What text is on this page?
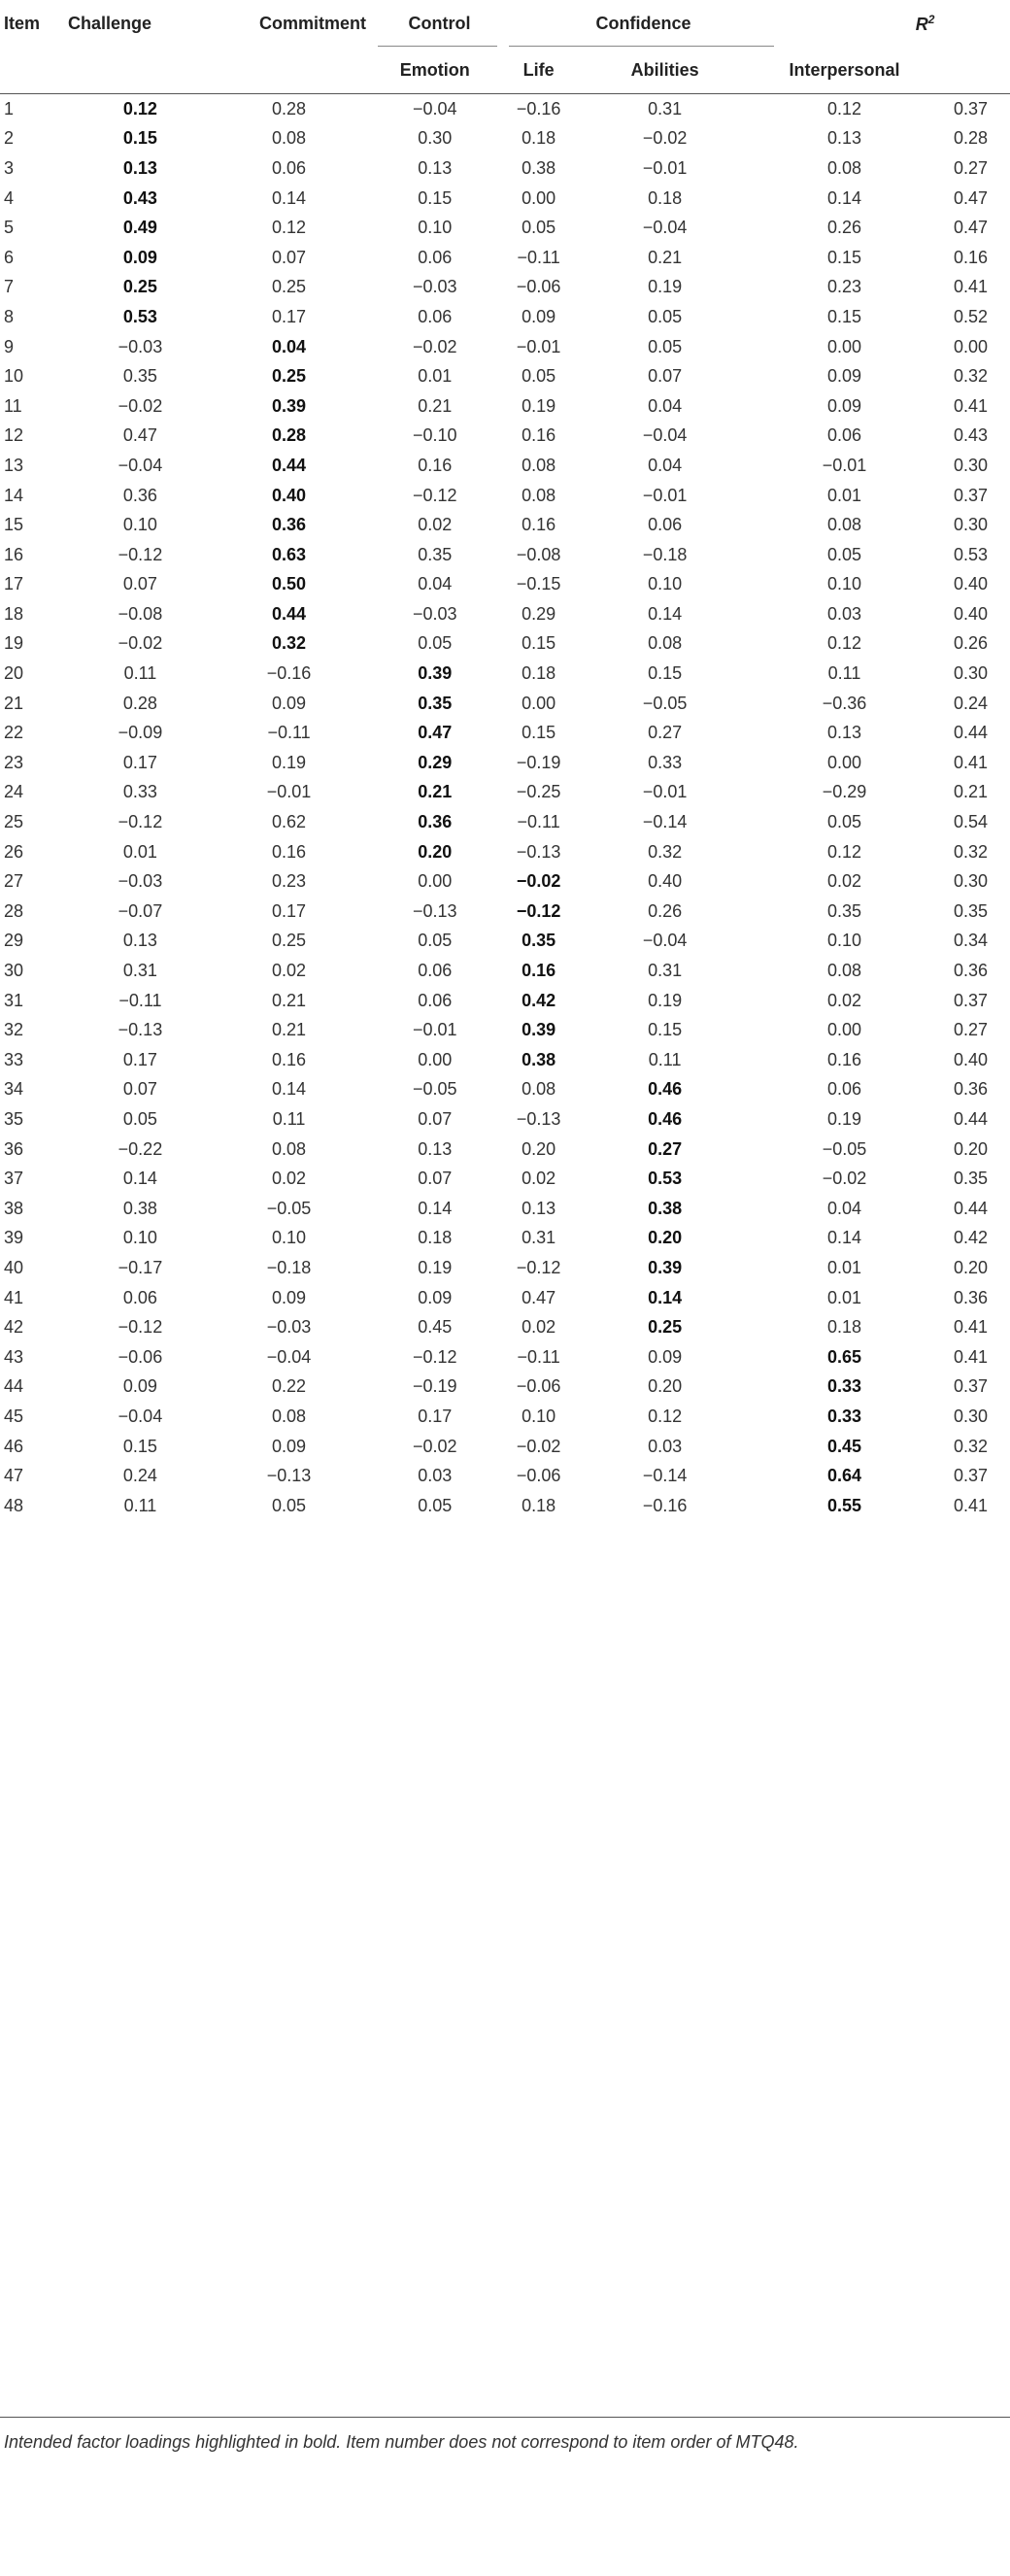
Item	Challenge	Commitment	Control	Confidence		$R^2$
			Emotion	Life	Abilities	Interpersonal	
1	0.12	0.28	−0.04	−0.16	0.31	0.12	0.37
2	0.15	0.08	0.30	0.18	−0.02	0.13	0.28
3	0.13	0.06	0.13	0.38	−0.01	0.08	0.27
4	0.43	0.14	0.15	0.00	0.18	0.14	0.47
5	0.49	0.12	0.10	0.05	−0.04	0.26	0.47
6	0.09	0.07	0.06	−0.11	0.21	0.15	0.16
7	0.25	0.25	−0.03	−0.06	0.19	0.23	0.41
8	0.53	0.17	0.06	0.09	0.05	0.15	0.52
9	−0.03	0.04	−0.02	−0.01	0.05	0.00	0.00
10	0.35	0.25	0.01	0.05	0.07	0.09	0.32
11	−0.02	0.39	0.21	0.19	0.04	0.09	0.41
12	0.47	0.28	−0.10	0.16	−0.04	0.06	0.43
13	−0.04	0.44	0.16	0.08	0.04	−0.01	0.30
14	0.36	0.40	−0.12	0.08	−0.01	0.01	0.37
15	0.10	0.36	0.02	0.16	0.06	0.08	0.30
16	−0.12	0.63	0.35	−0.08	−0.18	0.05	0.53
17	0.07	0.50	0.04	−0.15	0.10	0.10	0.40
18	−0.08	0.44	−0.03	0.29	0.14	0.03	0.40
19	−0.02	0.32	0.05	0.15	0.08	0.12	0.26
20	0.11	−0.16	0.39	0.18	0.15	0.11	0.30
21	0.28	0.09	0.35	0.00	−0.05	−0.36	0.24
22	−0.09	−0.11	0.47	0.15	0.27	0.13	0.44
23	0.17	0.19	0.29	−0.19	0.33	0.00	0.41
24	0.33	−0.01	0.21	−0.25	−0.01	−0.29	0.21
25	−0.12	0.62	0.36	−0.11	−0.14	0.05	0.54
26	0.01	0.16	0.20	−0.13	0.32	0.12	0.32
27	−0.03	0.23	0.00	−0.02	0.40	0.02	0.30
28	−0.07	0.17	−0.13	−0.12	0.26	0.35	0.35
29	0.13	0.25	0.05	0.35	−0.04	0.10	0.34
30	0.31	0.02	0.06	0.16	0.31	0.08	0.36
31	−0.11	0.21	0.06	0.42	0.19	0.02	0.37
32	−0.13	0.21	−0.01	0.39	0.15	0.00	0.27
33	0.17	0.16	0.00	0.38	0.11	0.16	0.40
34	0.07	0.14	−0.05	0.08	0.46	0.06	0.36
35	0.05	0.11	0.07	−0.13	0.46	0.19	0.44
36	−0.22	0.08	0.13	0.20	0.27	−0.05	0.20
37	0.14	0.02	0.07	0.02	0.53	−0.02	0.35
38	0.38	−0.05	0.14	0.13	0.38	0.04	0.44
39	0.10	0.10	0.18	0.31	0.20	0.14	0.42
40	−0.17	−0.18	0.19	−0.12	0.39	0.01	0.20
41	0.06	0.09	0.09	0.47	0.14	0.01	0.36
42	−0.12	−0.03	0.45	0.02	0.25	0.18	0.41
43	−0.06	−0.04	−0.12	−0.11	0.09	0.65	0.41
44	0.09	0.22	−0.19	−0.06	0.20	0.33	0.37
45	−0.04	0.08	0.17	0.10	0.12	0.33	0.30
46	0.15	0.09	−0.02	−0.02	0.03	0.45	0.32
47	0.24	−0.13	0.03	−0.06	−0.14	0.64	0.37
48	0.11	0.05	0.05	0.18	−0.16	0.55	0.41

Intended factor loadings highlighted in bold. Item number does not correspond to item order of MTQ48.
